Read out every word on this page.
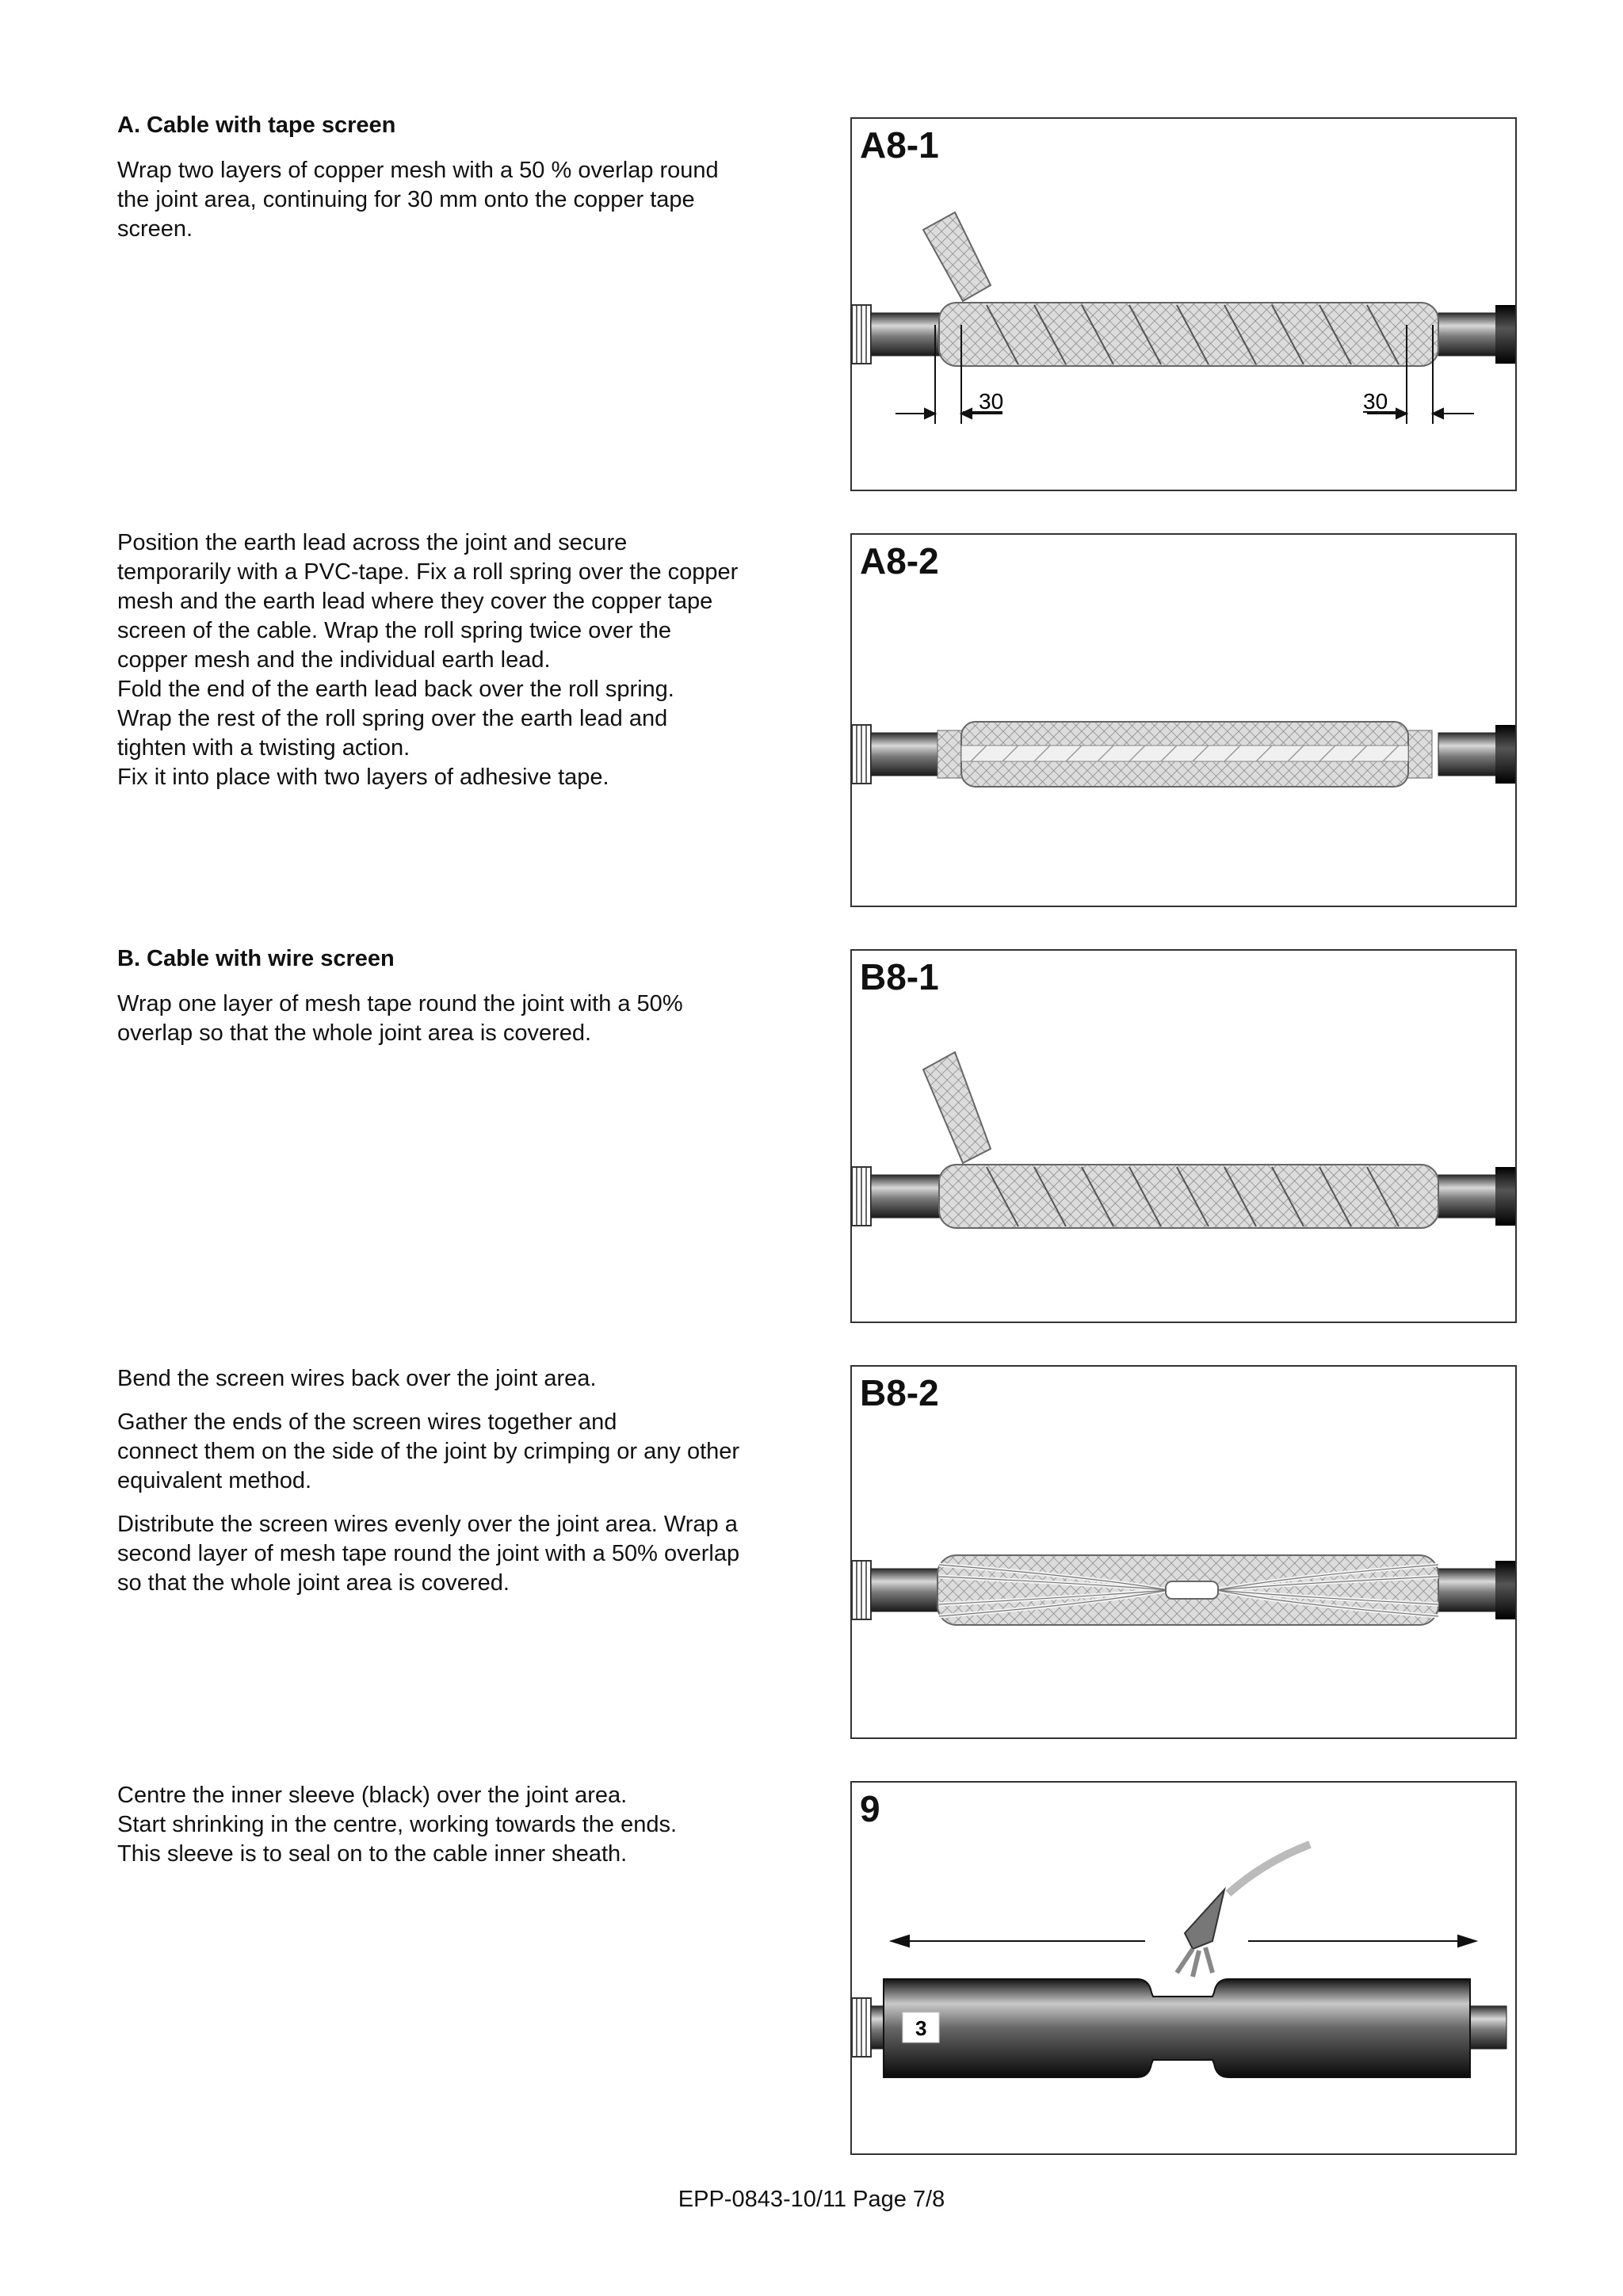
A. Cable with tape screen

Wrap two layers of copper mesh with a 50 % overlap round
the joint area, continuing for 30 mm onto the copper tape
screen.

Position the earth lead across the joint and secure
temporarily with a PVC-tape. Fix a roll spring over the copper
mesh and the earth lead where they cover the copper tape
screen of the cable. Wrap the roll spring twice over the
copper mesh and the individual earth lead.
Fold the end of the earth lead back over the roll spring.
Wrap the rest of the roll spring over the earth lead and
tighten with a twisting action.
Fix it into place with two layers of adhesive tape.

B. Cable with wire screen

Wrap one layer of mesh tape round the joint with a 50%
overlap so that the whole joint area is covered.

Bend the screen wires back over the joint area.

Gather the ends of the screen wires together and
connect them on the side of the joint by crimping or any other
equivalent method.

Distribute the screen wires evenly over the joint area. Wrap a
second layer of mesh tape round the joint with a 50% overlap
so that the whole joint area is covered.

Centre the inner sleeve (black) over the joint area.
Start shrinking in the centre, working towards the ends.
This sleeve is to seal on to the cable inner sheath.

A8-1
30	30
A8-2
B8-1
B8-2
9
3
EPP-0843-10/11 Page 7/8
